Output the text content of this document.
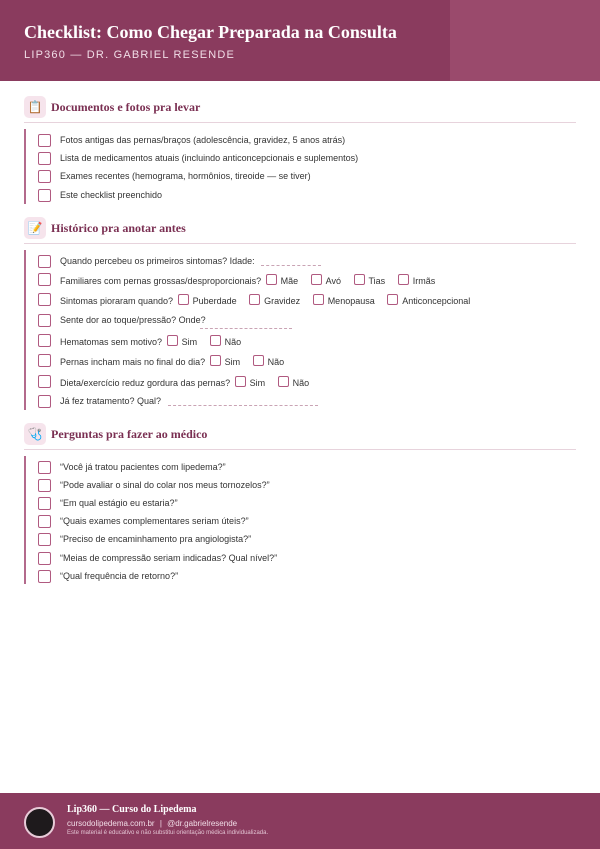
Checklist: Como Chegar Preparada na Consulta
LIP360 — DR. GABRIEL RESENDE
📋 Documentos e fotos pra levar
Fotos antigas das pernas/braços (adolescência, gravidez, 5 anos atrás)
Lista de medicamentos atuais (incluindo anticoncepcionais e suplementos)
Exames recentes (hemograma, hormônios, tireoide — se tiver)
Este checklist preenchido
📝 Histórico pra anotar antes
Quando percebeu os primeiros sintomas? Idade:
Familiares com pernas grossas/desproporcionais? Mãe	Avó	Tias	Irmãs
Sintomas pioraram quando? Puberdade	Gravidez	Menopausa	Anticoncepcional
Sente dor ao toque/pressão? Onde?
Hematomas sem motivo? Sim	Não
Pernas incham mais no final do dia? Sim	Não
Dieta/exercício reduz gordura das pernas? Sim	Não
Já fez tratamento? Qual?
🩺 Perguntas pra fazer ao médico
“Você já tratou pacientes com lipedema?”
“Pode avaliar o sinal do colar nos meus tornozelos?”
“Em qual estágio eu estaria?”
“Quais exames complementares seriam úteis?”
“Preciso de encaminhamento pra angiologista?”
“Meias de compressão seriam indicadas? Qual nível?”
“Qual frequência de retorno?”
Lip360 — Curso do Lipedema
cursodolipedema.com.br | @dr.gabrielresende
Este material é educativo e não substitui orientação médica individualizada.
